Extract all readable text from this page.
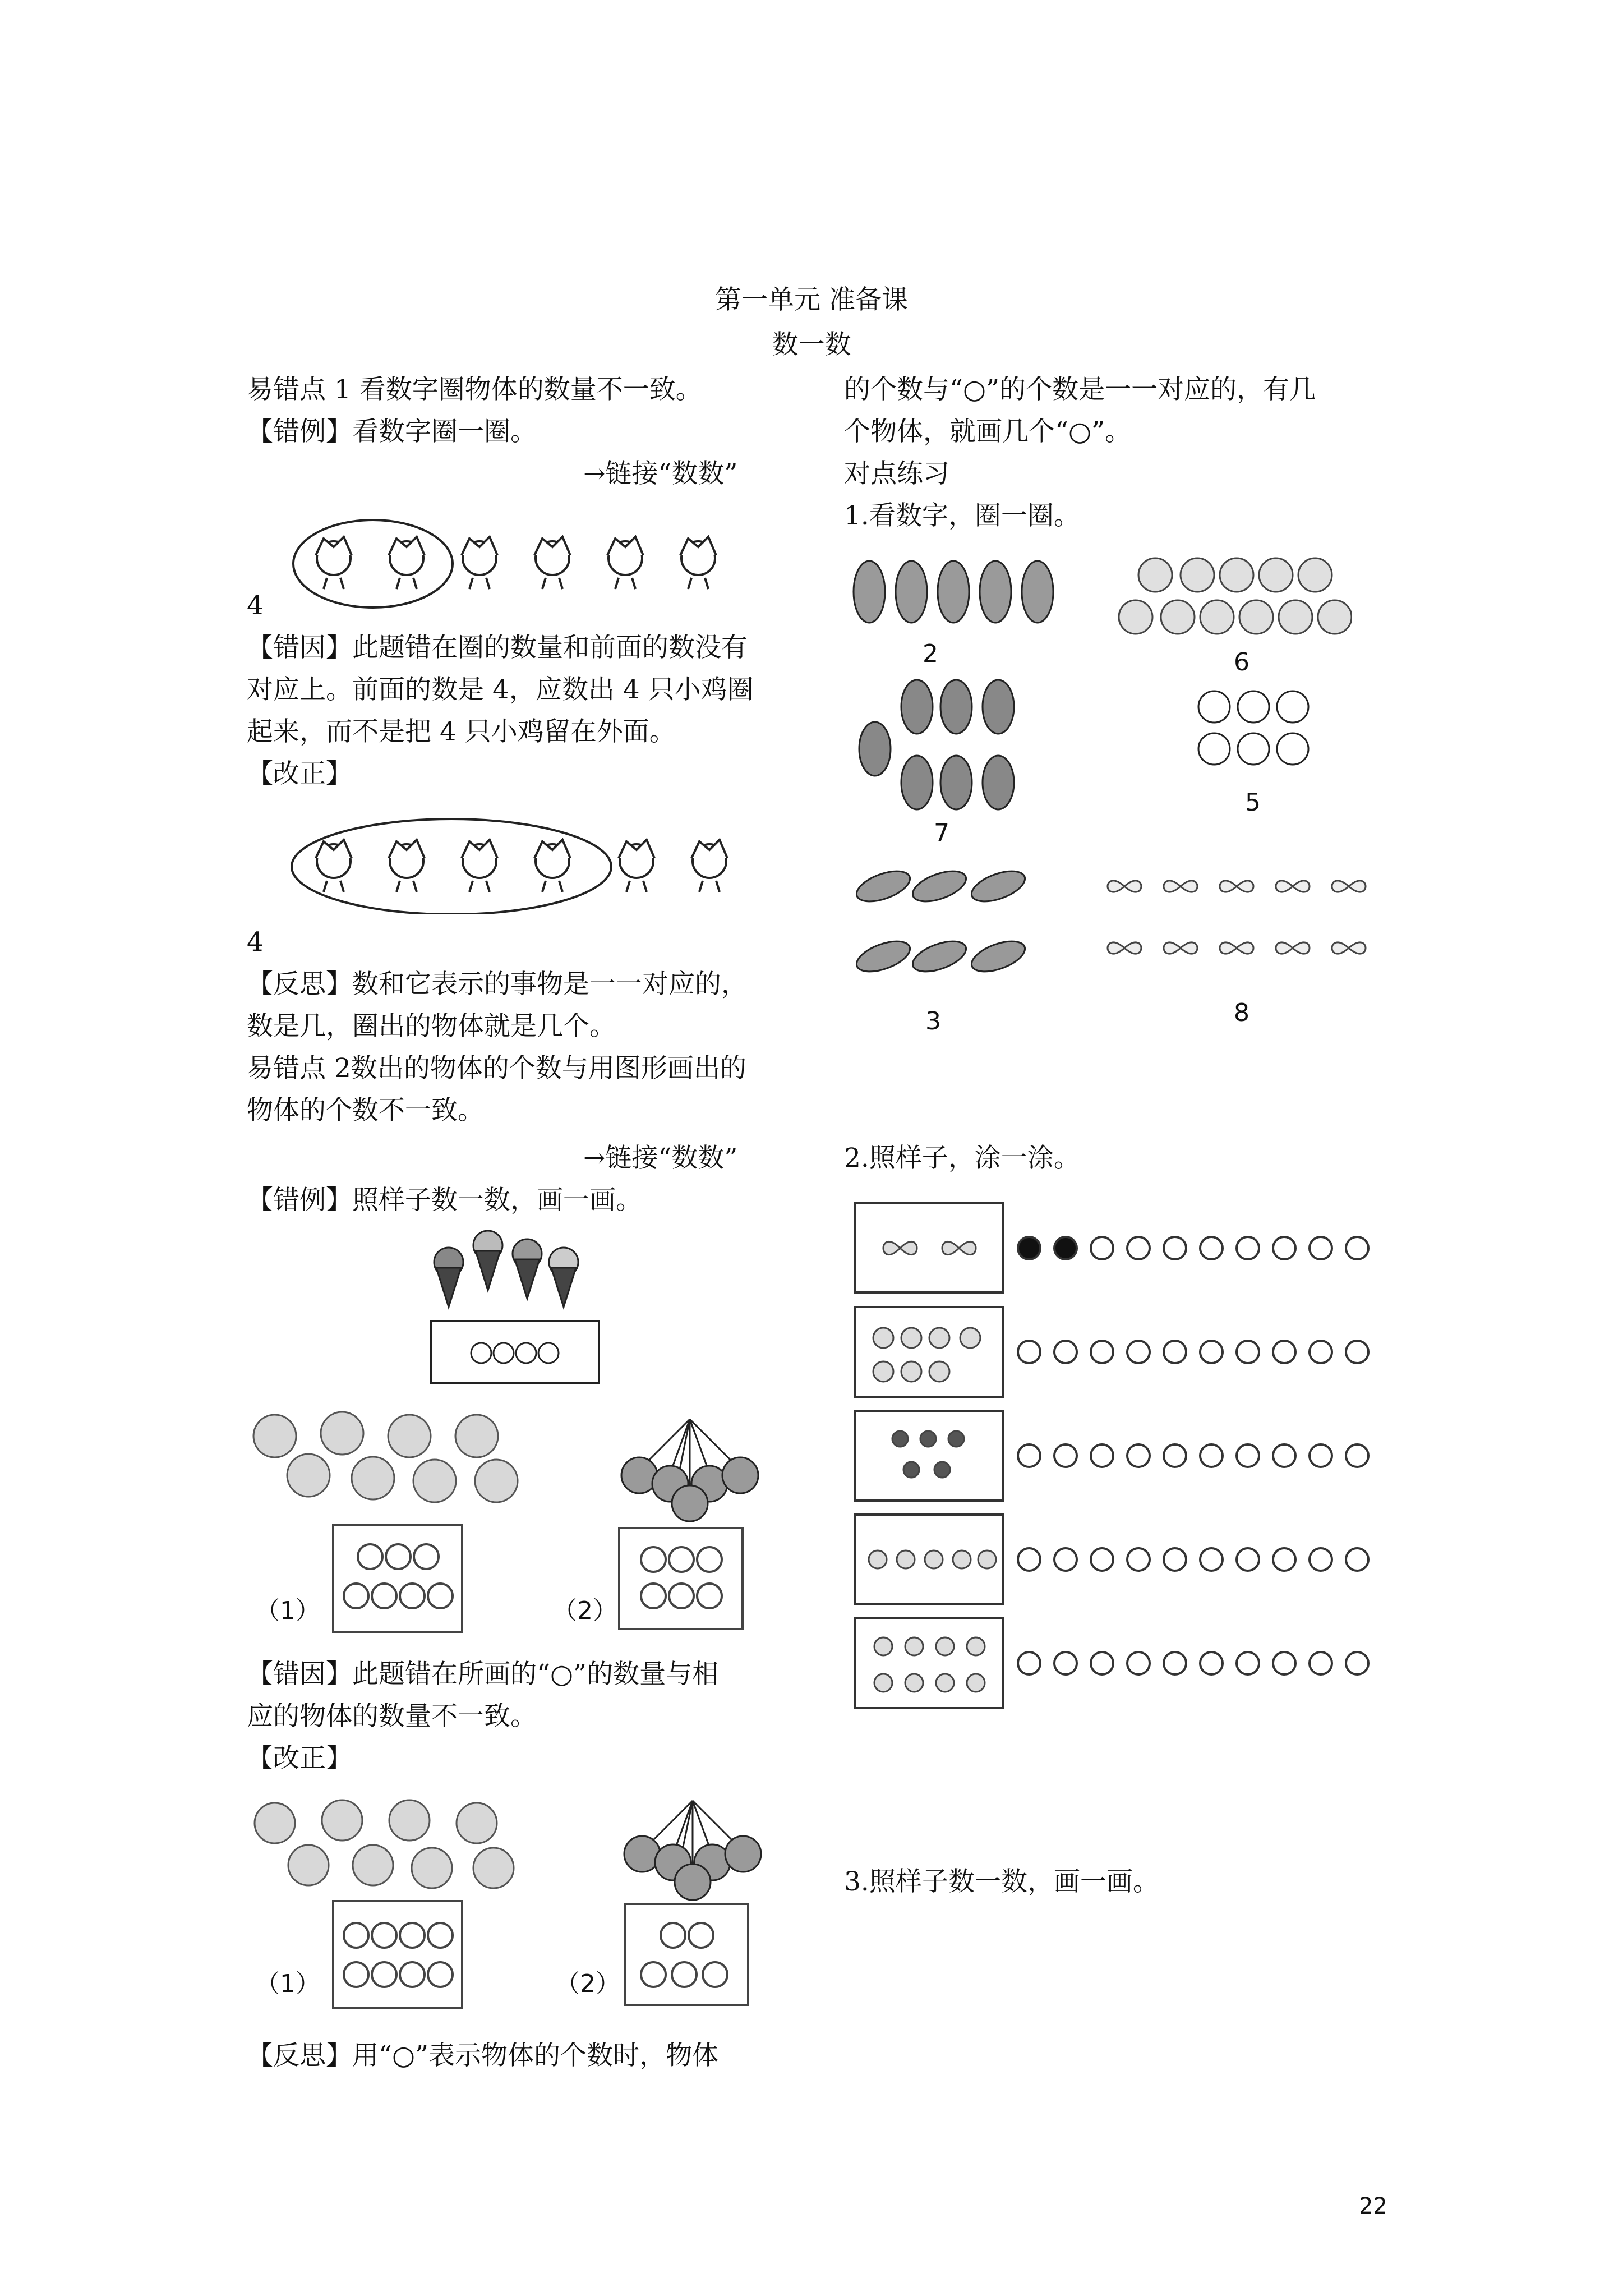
第一单元 准备课
数一数
易错点 1 看数字圈物体的数量不一致。
【错例】看数字圈一圈。
→链接“数数”
4
【错因】此题错在圈的数量和前面的数没有
对应上。前面的数是 4，应数出 4 只小鸡圈
起来，而不是把 4 只小鸡留在外面。
【改正】
4
【反思】数和它表示的事物是一一对应的，
数是几，圈出的物体就是几个。
易错点 2数出的物体的个数与用图形画出的
物体的个数不一致。
→链接“数数”
【错例】照样子数一数，画一画。
（1）	（2）
【错因】此题错在所画的“○”的数量与相
应的物体的数量不一致。
【改正】
（1）	（2）
【反思】用“○”表示物体的个数时，物体
的个数与“○”的个数是一一对应的，有几
个物体，就画几个“○”。
对点练习
1.看数字，圈一圈。
2	6
7
5
3	8
2.照样子，涂一涂。
3.照样子数一数，画一画。
22
